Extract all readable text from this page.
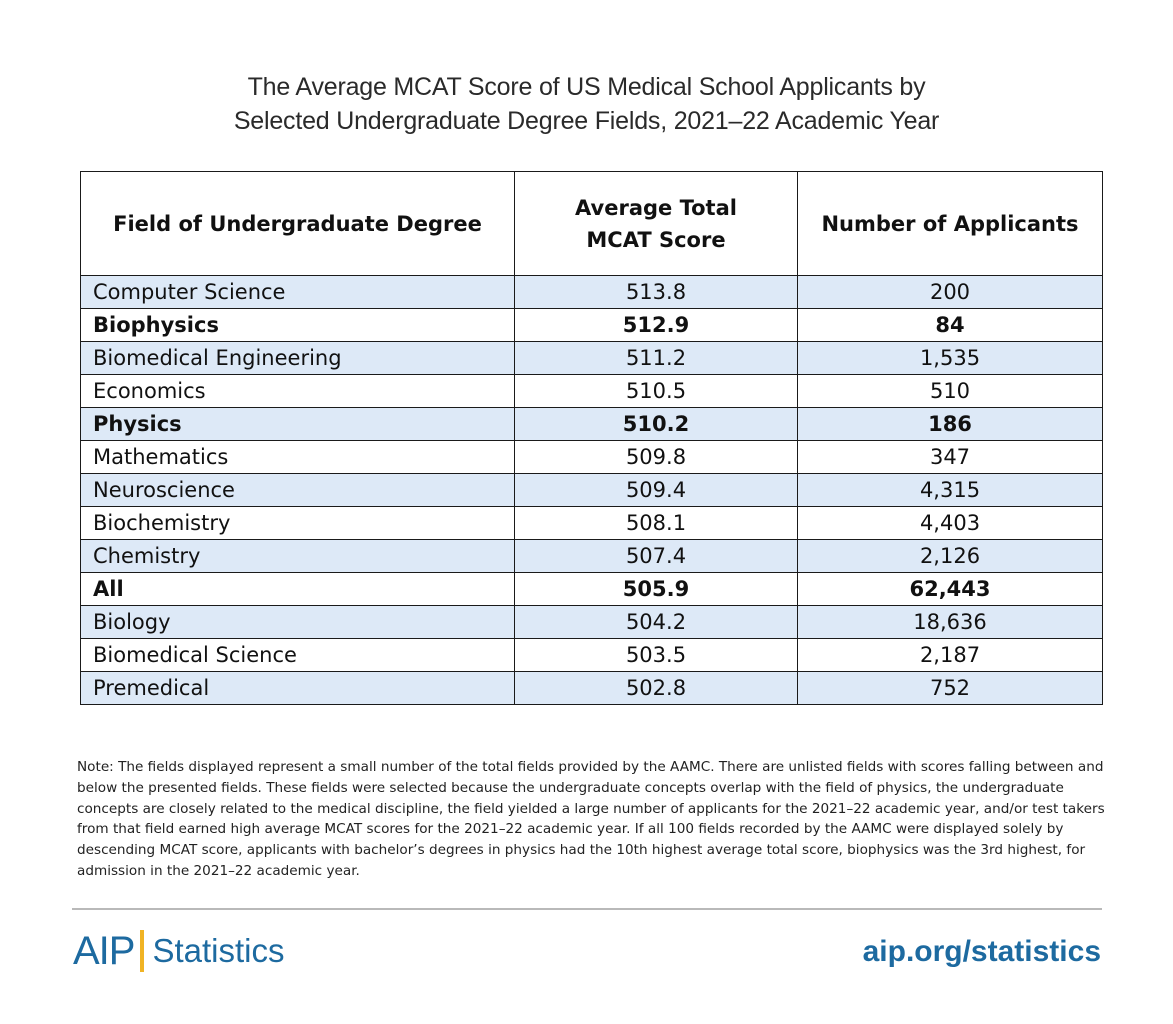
The Average MCAT Score of US Medical School Applicants by
Selected Undergraduate Degree Fields, 2021–22 Academic Year
Field of Undergraduate Degree	Average Total MCAT Score	Number of Applicants
Computer Science	513.8	200
Biophysics	512.9	84
Biomedical Engineering	511.2	1,535
Economics	510.5	510
Physics	510.2	186
Mathematics	509.8	347
Neuroscience	509.4	4,315
Biochemistry	508.1	4,403
Chemistry	507.4	2,126
All	505.9	62,443
Biology	504.2	18,636
Biomedical Science	503.5	2,187
Premedical	502.8	752
Note: The fields displayed represent a small number of the total fields provided by the AAMC. There are unlisted fields with scores falling between and below the presented fields. These fields were selected because the undergraduate concepts overlap with the field of physics, the undergraduate concepts are closely related to the medical discipline, the field yielded a large number of applicants for the 2021–22 academic year, and/or test takers from that field earned high average MCAT scores for the 2021–22 academic year. If all 100 fields recorded by the AAMC were displayed solely by descending MCAT score, applicants with bachelor’s degrees in physics had the 10th highest average total score, biophysics was the 3rd highest, for admission in the 2021–22 academic year.
AIP Statistics	aip.org/statistics
